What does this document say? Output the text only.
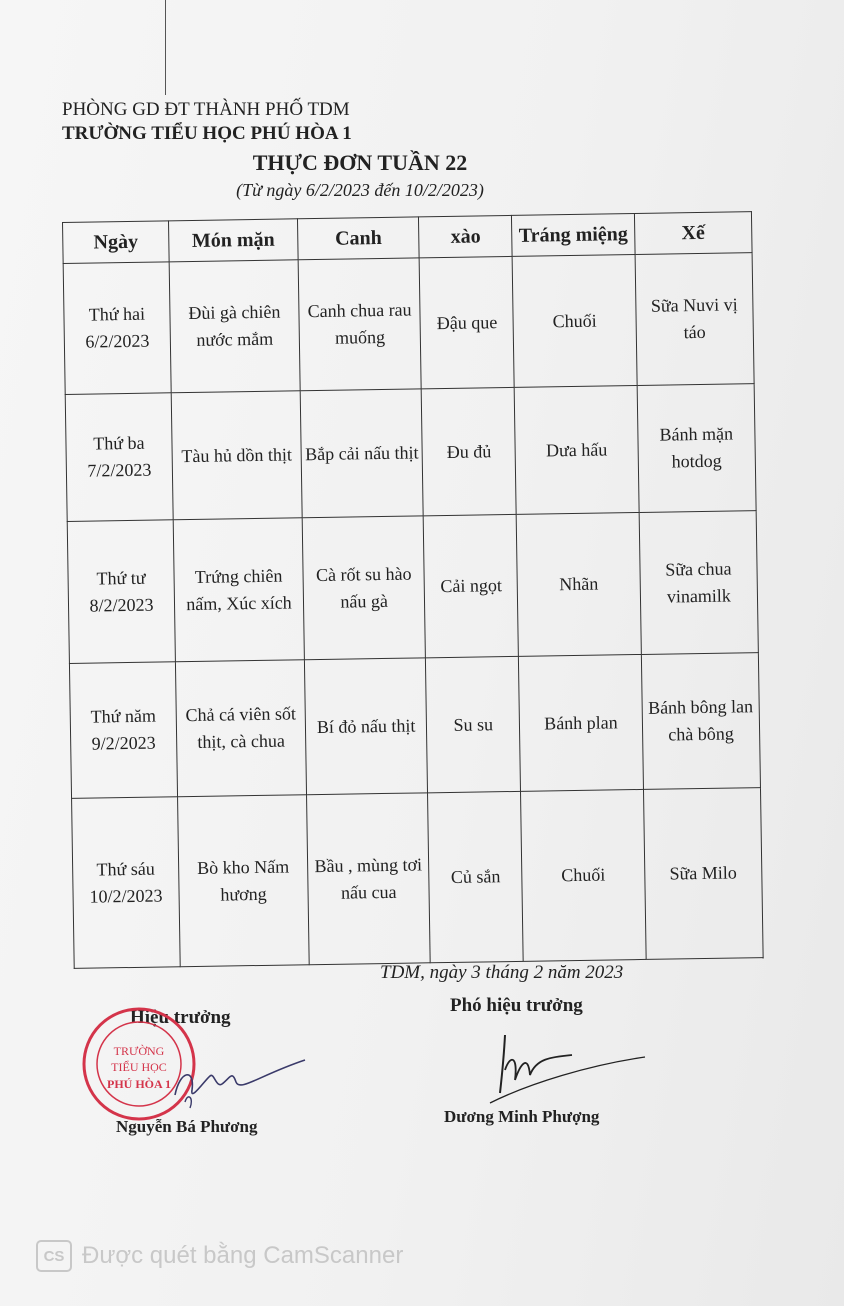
PHÒNG GD ĐT THÀNH PHỐ TDM
TRƯỜNG TIỂU HỌC PHÚ HÒA 1
THỰC ĐƠN TUẦN 22
(Từ ngày 6/2/2023 đến 10/2/2023)
Ngày	Món mặn	Canh	xào	Tráng miệng	Xế

Thứ hai
6/2/2023	Đùi gà chiên nước mắm	Canh chua rau muống	Đậu que	Chuối	Sữa Nuvi vị táo

Thứ ba
7/2/2023	Tàu hủ dồn thịt	Bắp cải nấu thịt	Đu đủ	Dưa hấu	Bánh mặn hotdog

Thứ tư
8/2/2023	Trứng chiên nấm, Xúc xích	Cà rốt su hào nấu gà	Cải ngọt	Nhãn	Sữa chua vinamilk

Thứ năm
9/2/2023	Chả cá viên sốt thịt, cà chua	Bí đỏ nấu thịt	Su su	Bánh plan	Bánh bông lan chà bông

Thứ sáu
10/2/2023	Bò kho Nấm hương	Bầu , mùng tơi nấu cua	Củ sắn	Chuối	Sữa Milo
TDM, ngày 3 tháng 2 năm 2023
Hiệu trưởng
Phó hiệu trưởng
TRƯỜNG
TIỂU HỌC
PHÚ HÒA 1
Nguyễn Bá Phương
Dương Minh Phượng
CS Được quét bằng CamScanner
